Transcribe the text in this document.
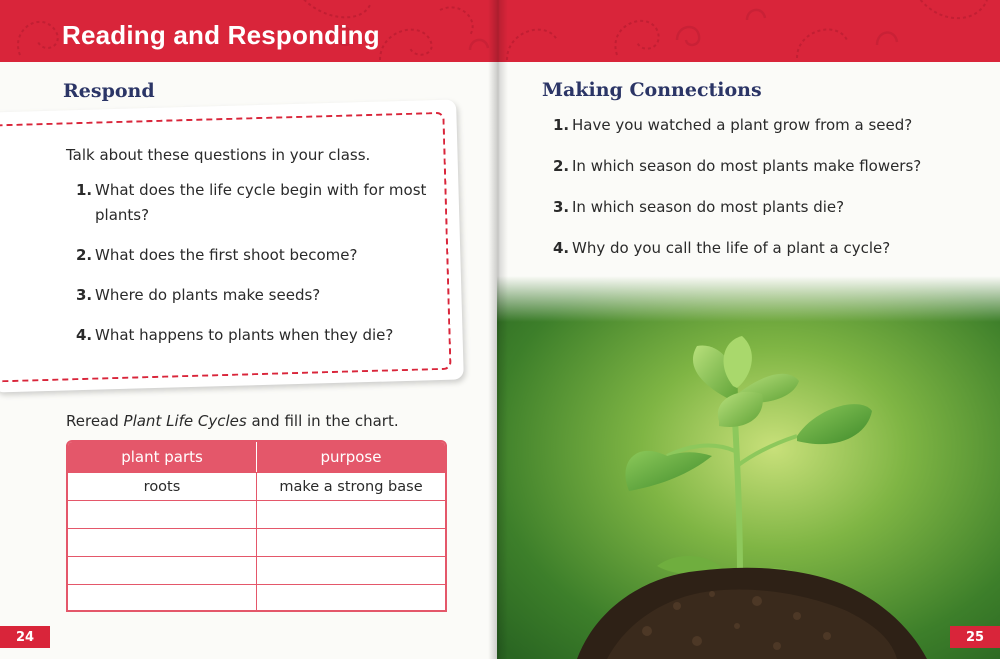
Reading and Responding
Respond
Talk about these questions in your class.
1. What does the life cycle begin with for most plants?
2. What does the first shoot become?
3. Where do plants make seeds?
4. What happens to plants when they die?
Reread Plant Life Cycles and fill in the chart.
plant parts	purpose
roots	make a strong base
24
Making Connections
1. Have you watched a plant grow from a seed?
2. In which season do most plants make flowers?
3. In which season do most plants die?
4. Why do you call the life of a plant a cycle?
25
